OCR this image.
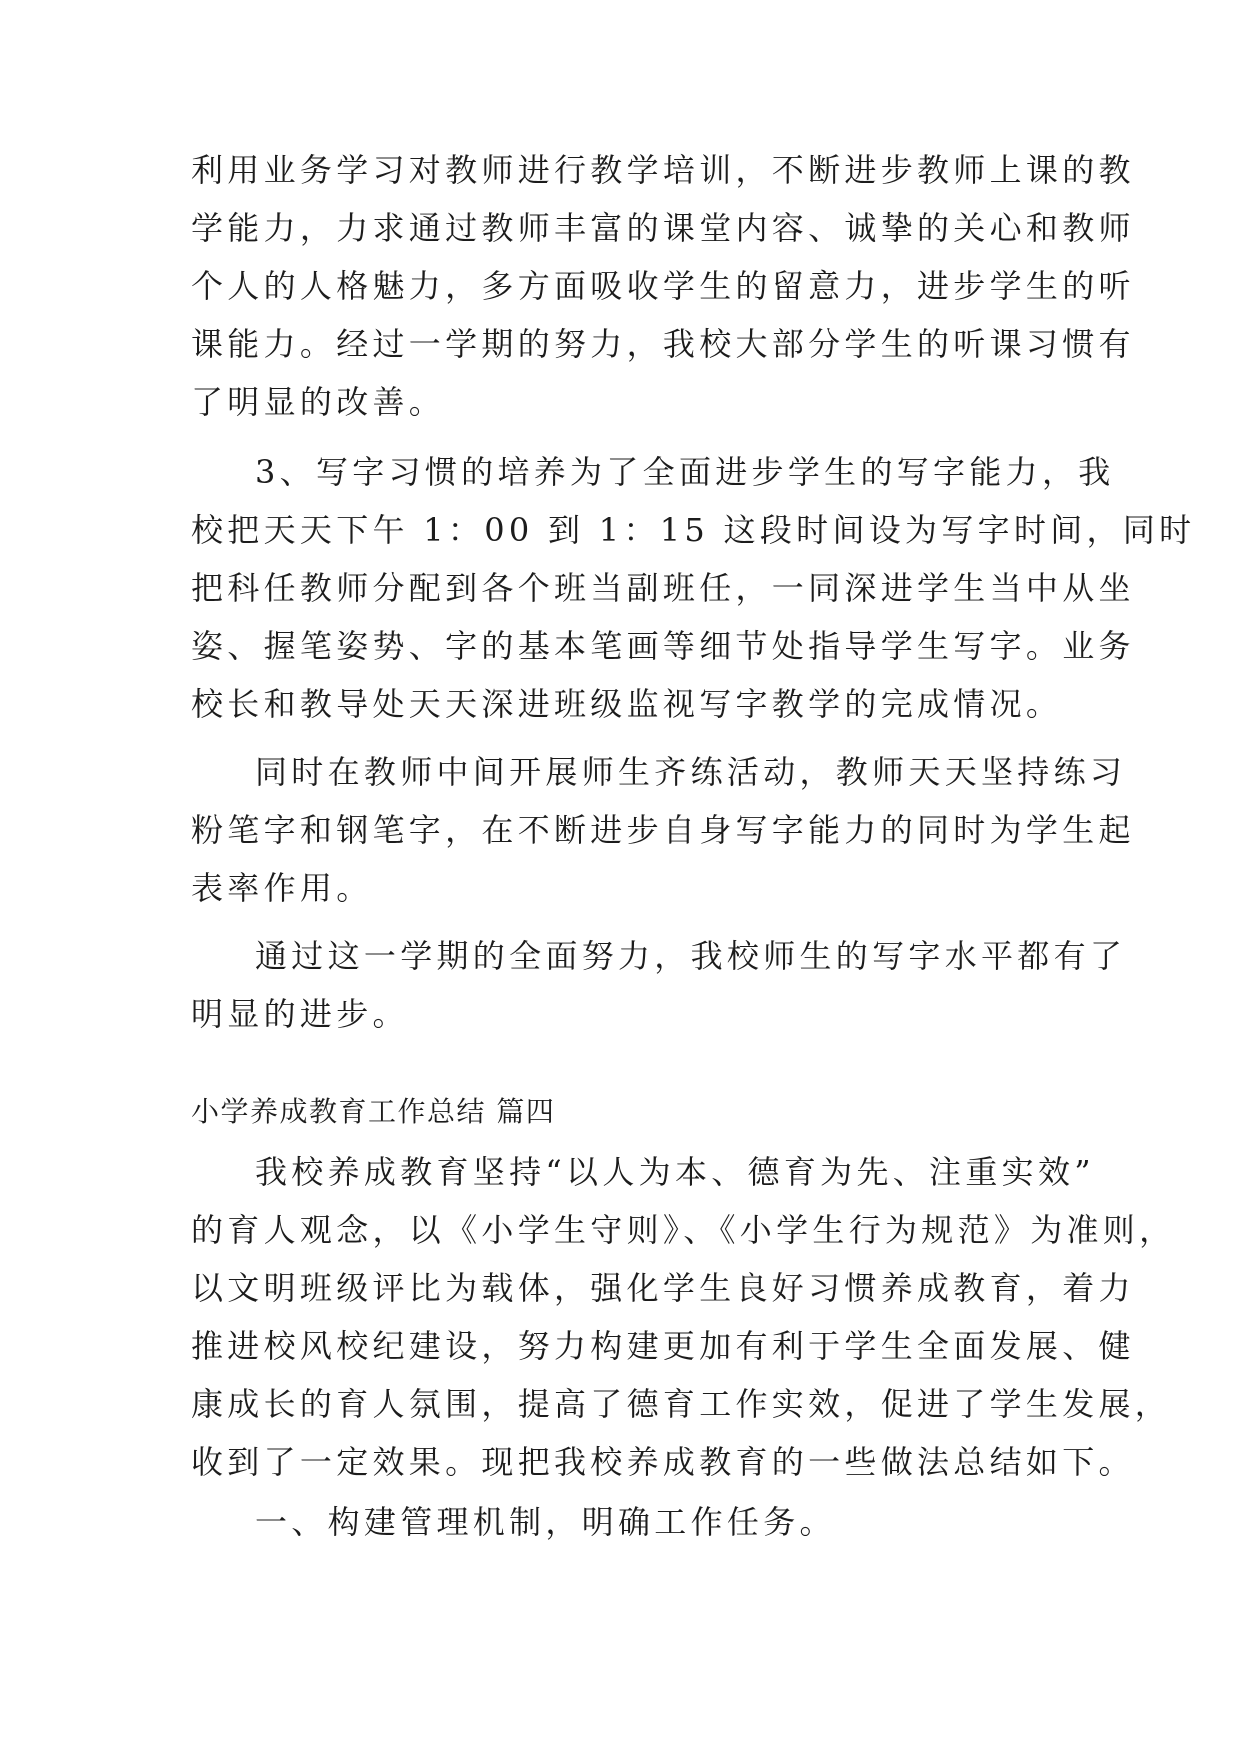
利用业务学习对教师进行教学培训，不断进步教师上课的教
学能力，力求通过教师丰富的课堂内容、诚挚的关心和教师
个人的人格魅力，多方面吸收学生的留意力，进步学生的听
课能力。经过一学期的努力，我校大部分学生的听课习惯有
了明显的改善。
3、写字习惯的培养为了全面进步学生的写字能力，我
校把天天下午 1：00 到 1：15 这段时间设为写字时间，同时
把科任教师分配到各个班当副班任，一同深进学生当中从坐
姿、握笔姿势、字的基本笔画等细节处指导学生写字。业务
校长和教导处天天深进班级监视写字教学的完成情况。
同时在教师中间开展师生齐练活动，教师天天坚持练习
粉笔字和钢笔字，在不断进步自身写字能力的同时为学生起
表率作用。
通过这一学期的全面努力，我校师生的写字水平都有了
明显的进步。
小学养成教育工作总结 篇四
我校养成教育坚持“以人为本、德育为先、注重实效”
的育人观念，以《小学生守则》、《小学生行为规范》为准则，
以文明班级评比为载体，强化学生良好习惯养成教育，着力
推进校风校纪建设，努力构建更加有利于学生全面发展、健
康成长的育人氛围，提高了德育工作实效，促进了学生发展，
收到了一定效果。现把我校养成教育的一些做法总结如下。
一、构建管理机制，明确工作任务。
